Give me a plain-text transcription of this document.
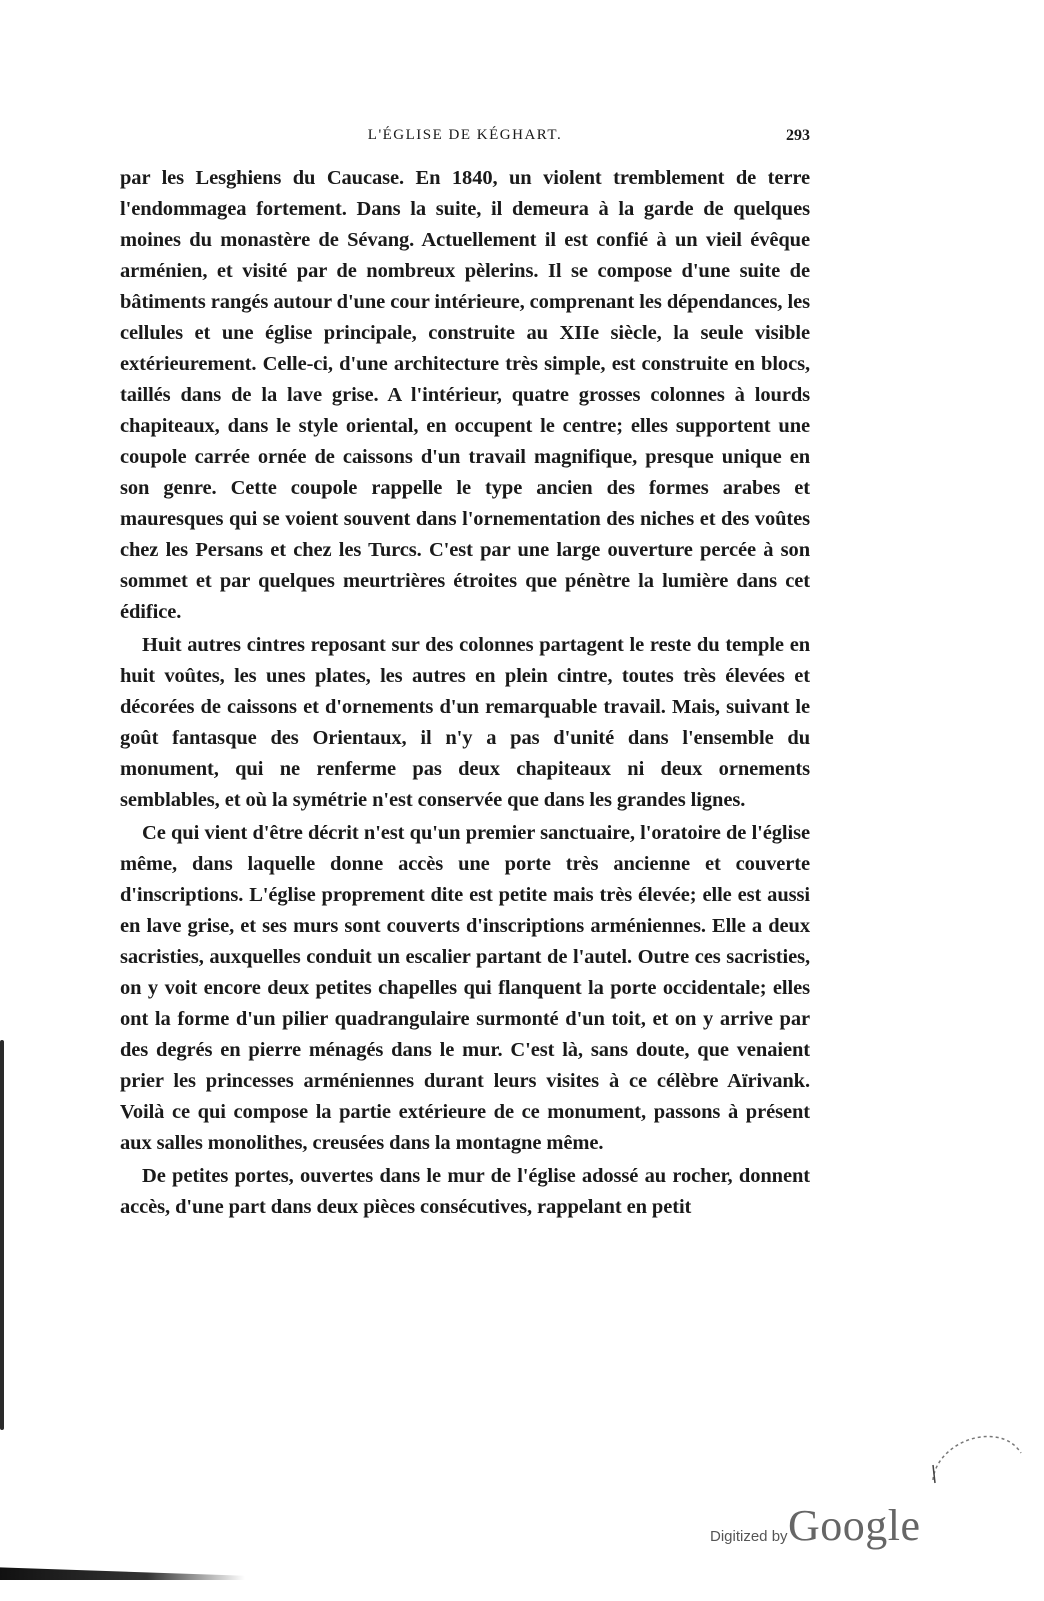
L'ÉGLISE DE KÉGHART.	293

par les Lesghiens du Caucase. En 1840, un violent tremblement de terre l'endommagea fortement. Dans la suite, il demeura à la garde de quelques moines du monastère de Sévang. Actuellement il est confié à un vieil évêque arménien, et visité par de nombreux pèlerins. Il se compose d'une suite de bâtiments rangés autour d'une cour intérieure, comprenant les dépendances, les cellules et une église principale, construite au XIIe siècle, la seule visible extérieurement. Celle-ci, d'une architecture très simple, est construite en blocs, taillés dans de la lave grise. A l'intérieur, quatre grosses colonnes à lourds chapiteaux, dans le style oriental, en occupent le centre; elles supportent une coupole carrée ornée de caissons d'un travail magnifique, presque unique en son genre. Cette coupole rappelle le type ancien des formes arabes et mauresques qui se voient souvent dans l'ornementation des niches et des voûtes chez les Persans et chez les Turcs. C'est par une large ouverture percée à son sommet et par quelques meurtrières étroites que pénètre la lumière dans cet édifice.

Huit autres cintres reposant sur des colonnes partagent le reste du temple en huit voûtes, les unes plates, les autres en plein cintre, toutes très élevées et décorées de caissons et d'ornements d'un remarquable travail. Mais, suivant le goût fantasque des Orientaux, il n'y a pas d'unité dans l'ensemble du monument, qui ne renferme pas deux chapiteaux ni deux ornements semblables, et où la symétrie n'est conservée que dans les grandes lignes.

Ce qui vient d'être décrit n'est qu'un premier sanctuaire, l'oratoire de l'église même, dans laquelle donne accès une porte très ancienne et couverte d'inscriptions. L'église proprement dite est petite mais très élevée; elle est aussi en lave grise, et ses murs sont couverts d'inscriptions arméniennes. Elle a deux sacristies, auxquelles conduit un escalier partant de l'autel. Outre ces sacristies, on y voit encore deux petites chapelles qui flanquent la porte occidentale; elles ont la forme d'un pilier quadrangulaire surmonté d'un toit, et on y arrive par des degrés en pierre ménagés dans le mur. C'est là, sans doute, que venaient prier les princesses arméniennes durant leurs visites à ce célèbre Aïrivank. Voilà ce qui compose la partie extérieure de ce monument, passons à présent aux salles monolithes, creusées dans la montagne même.

De petites portes, ouvertes dans le mur de l'église adossé au rocher, donnent accès, d'une part dans deux pièces consécutives, rappelant en petit

Digitized by Google
